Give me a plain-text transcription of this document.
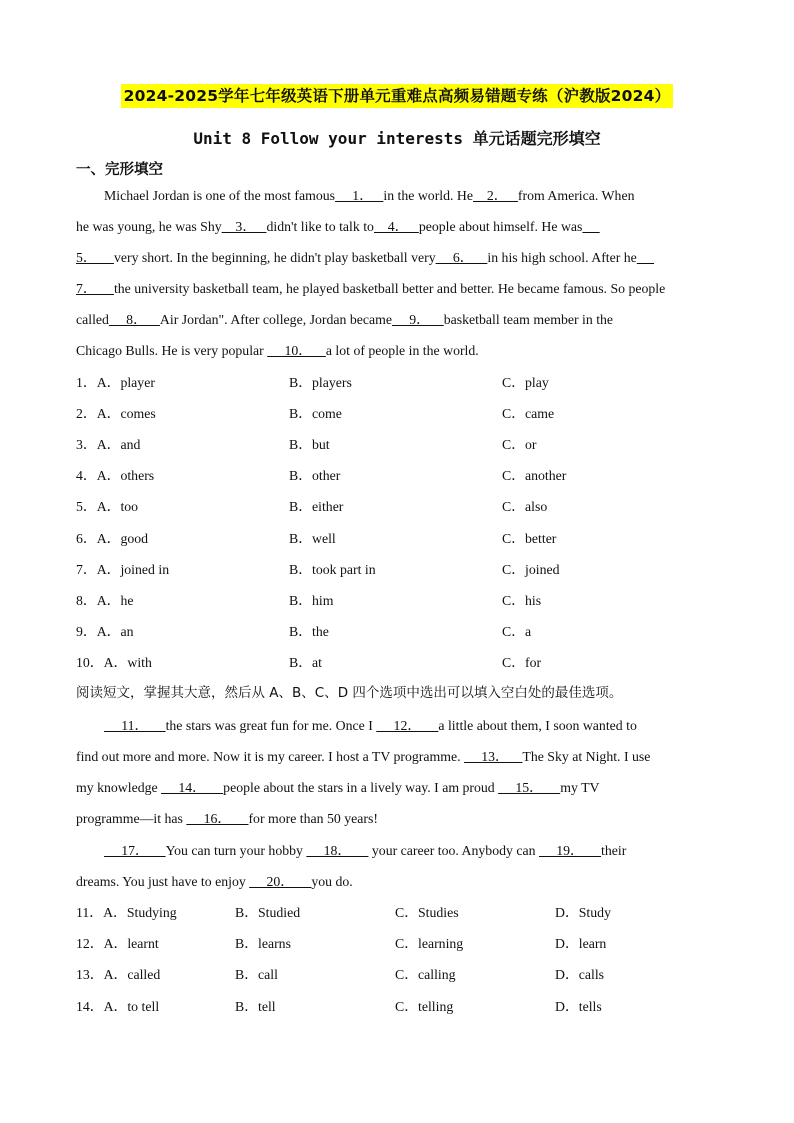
2024-2025学年七年级英语下册单元重难点高频易错题专练（沪教版2024）
Unit 8 Follow your interests 单元话题完形填空
一、完形填空
Michael Jordan is one of the most famous     1．   in the world. He    2．   from America. When
he was young, he was Shy    3．   didn't like to talk to    4．   people about himself. He was
5．     very short. In the beginning, he didn't play basketball very     6．    in his high school. After he
7．     the university basketball team, he played basketball better and better. He became famous. So people
called     8．    Air Jordan". After college, Jordan became     9．    basketball team member in the
Chicago Bulls. He is very popular      10．    a lot of people in the world.
1．A．player	B．players	C．play
2．A．comes	B．come	C．came
3．A．and	B．but	C．or
4．A．others	B．other	C．another
5．A．too	B．either	C．also
6．A．good	B．well	C．better
7．A．joined in	B．took part in	C．joined
8．A．he	B．him	C．his
9．A．an	B．the	C．a
10．A．with	B．at	C．for
阅读短文，掌握其大意，然后从 A、B、C、D 四个选项中选出可以填入空白处的最佳选项。
11．     the stars was great fun for me. Once I      12．     a little about them, I soon wanted to
find out more and more. Now it is my career. I host a TV programme.      13．    The Sky at Night. I use
my knowledge      14．     people about the stars in a lively way. I am proud      15．     my TV
programme—it has      16．     for more than 50 years!
17．     You can turn your hobby      18．      your career too. Anybody can      19．     their
dreams. You just have to enjoy      20．     you do.
11．A．Studying	B．Studied	C．Studies	D．Study
12．A．learnt	B．learns	C．learning	D．learn
13．A．called	B．call	C．calling	D．calls
14．A．to tell	B．tell	C．telling	D．tells
